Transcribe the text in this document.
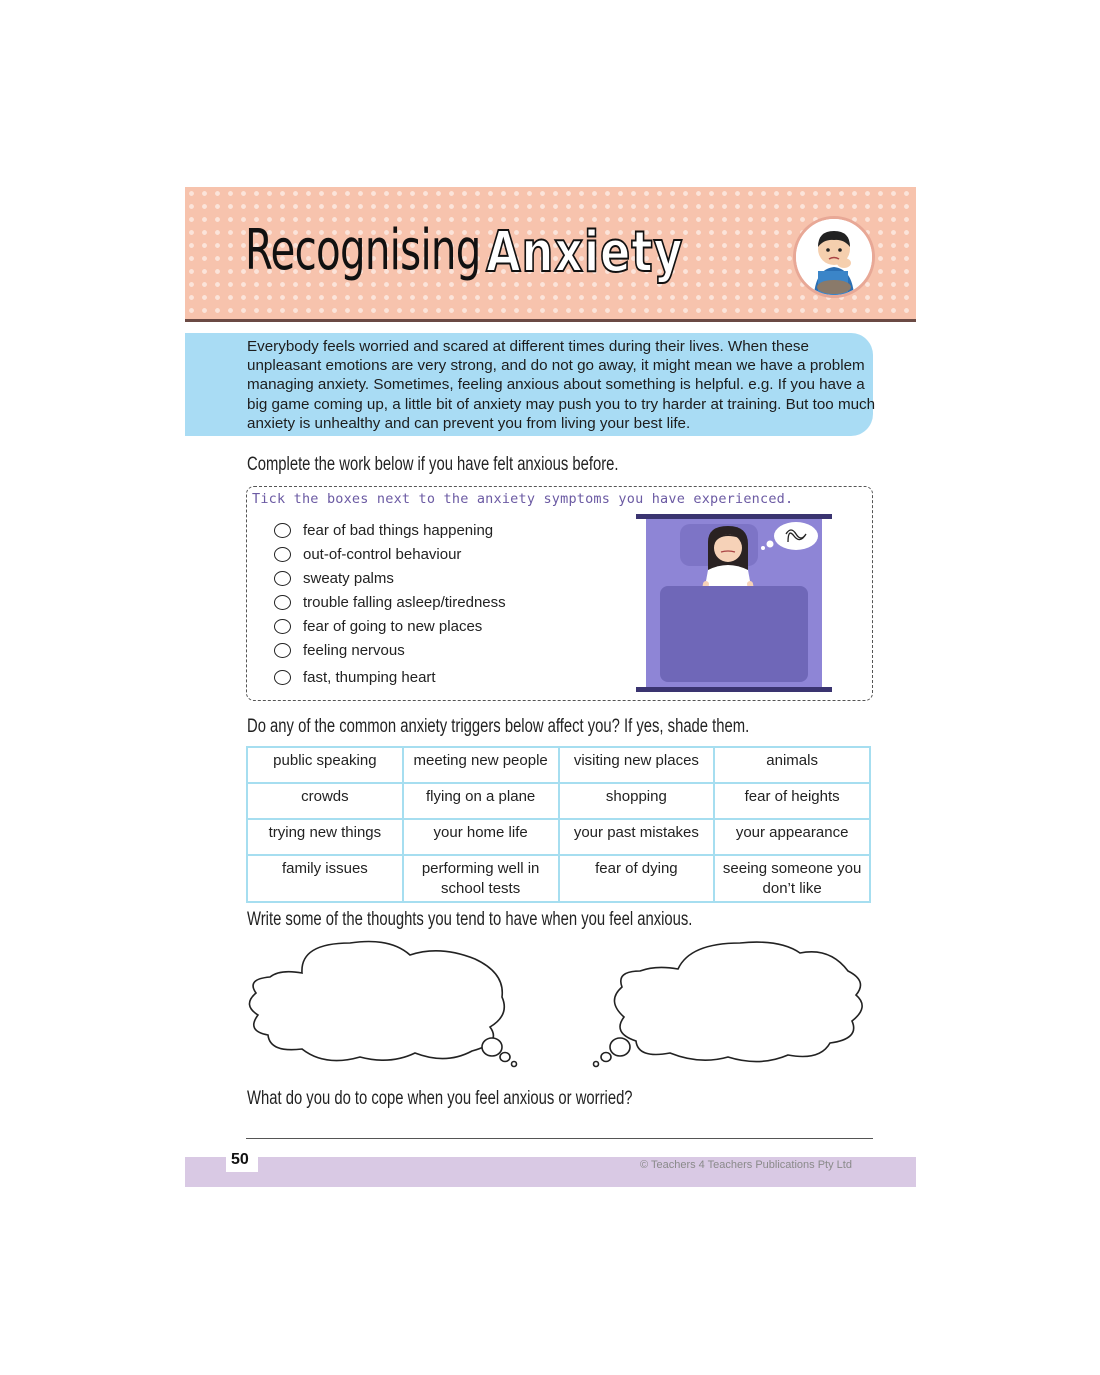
Recognising Anxiety
Everybody feels worried and scared at different times during their lives. When these unpleasant emotions are very strong, and do not go away, it might mean we have a problem managing anxiety. Sometimes, feeling anxious about something is helpful. e.g. If you have a big game coming up, a little bit of anxiety may push you to try harder at training. But too much anxiety is unhealthy and can prevent you from living your best life.
Complete the work below if you have felt anxious before.
Tick the boxes next to the anxiety symptoms you have experienced.
fear of bad things happening
out-of-control behaviour
sweaty palms
trouble falling asleep/tiredness
fear of going to new places
feeling nervous
fast, thumping heart
Do any of the common anxiety triggers below affect you? If yes, shade them.
public speaking	meeting new people	visiting new places	animals
crowds	flying on a plane	shopping	fear of heights
trying new things	your home life	your past mistakes	your appearance
family issues	performing well in school tests	fear of dying	seeing someone you don’t like
Write some of the thoughts you tend to have when you feel anxious.
What do you do to cope when you feel anxious or worried?
50	© Teachers 4 Teachers Publications Pty Ltd
